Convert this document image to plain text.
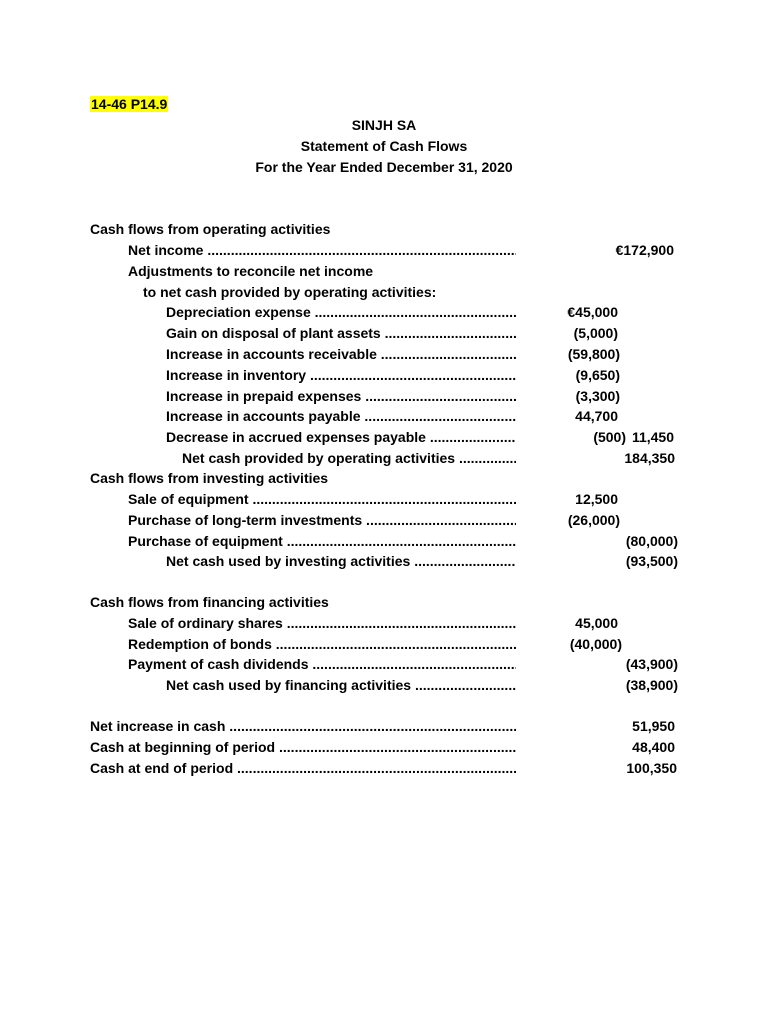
14-46 P14.9
SINJH SA
Statement of Cash Flows
For the Year Ended December 31, 2020
Cash flows from operating activities
Net income .....	€172,900
Adjustments to reconcile net income
to net cash provided by operating activities:
Depreciation expense .....	€45,000
Gain on disposal of plant assets .....	(5,000)
Increase in accounts receivable .....	(59,800)
Increase in inventory .....	(9,650)
Increase in prepaid expenses .....	(3,300)
Increase in accounts payable .....	44,700
Decrease in accrued expenses payable .....	(500) 11,450
Net cash provided by operating activities .....	184,350
Cash flows from investing activities
Sale of equipment .....	12,500
Purchase of long-term investments .....	(26,000)
Purchase of equipment .....	(80,000)
Net cash used by investing activities .....	(93,500)
Cash flows from financing activities
Sale of ordinary shares .....	45,000
Redemption of bonds .....	(40,000)
Payment of cash dividends .....	(43,900)
Net cash used by financing activities .....	(38,900)
Net increase in cash .....	51,950
Cash at beginning of period .....	48,400
Cash at end of period .....	100,350
